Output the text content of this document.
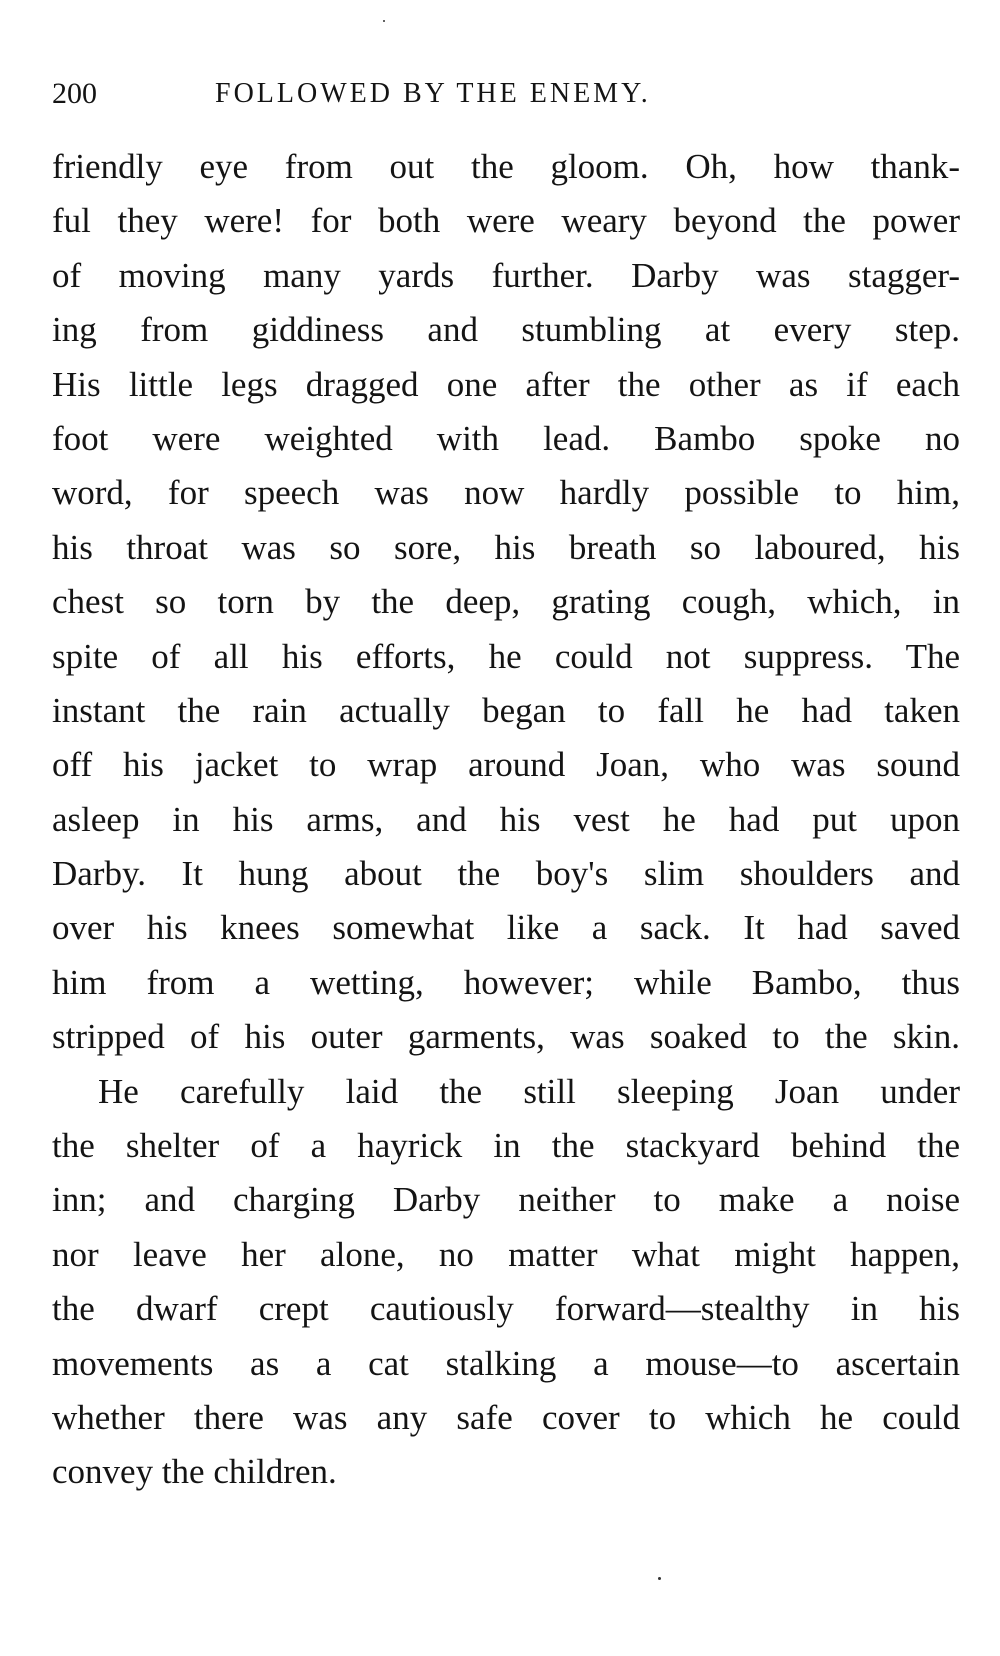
200	FOLLOWED BY THE ENEMY.
friendly eye from out the gloom. Oh, how thank-
ful they were! for both were weary beyond the power
of moving many yards further. Darby was stagger-
ing from giddiness and stumbling at every step.
His little legs dragged one after the other as if each
foot were weighted with lead. Bambo spoke no
word, for speech was now hardly possible to him,
his throat was so sore, his breath so laboured, his
chest so torn by the deep, grating cough, which, in
spite of all his efforts, he could not suppress. The
instant the rain actually began to fall he had taken
off his jacket to wrap around Joan, who was sound
asleep in his arms, and his vest he had put upon
Darby. It hung about the boy's slim shoulders and
over his knees somewhat like a sack. It had saved
him from a wetting, however; while Bambo, thus
stripped of his outer garments, was soaked to the skin.
He carefully laid the still sleeping Joan under
the shelter of a hayrick in the stackyard behind the
inn; and charging Darby neither to make a noise
nor leave her alone, no matter what might happen,
the dwarf crept cautiously forward—stealthy in his
movements as a cat stalking a mouse—to ascertain
whether there was any safe cover to which he could
convey the children.
